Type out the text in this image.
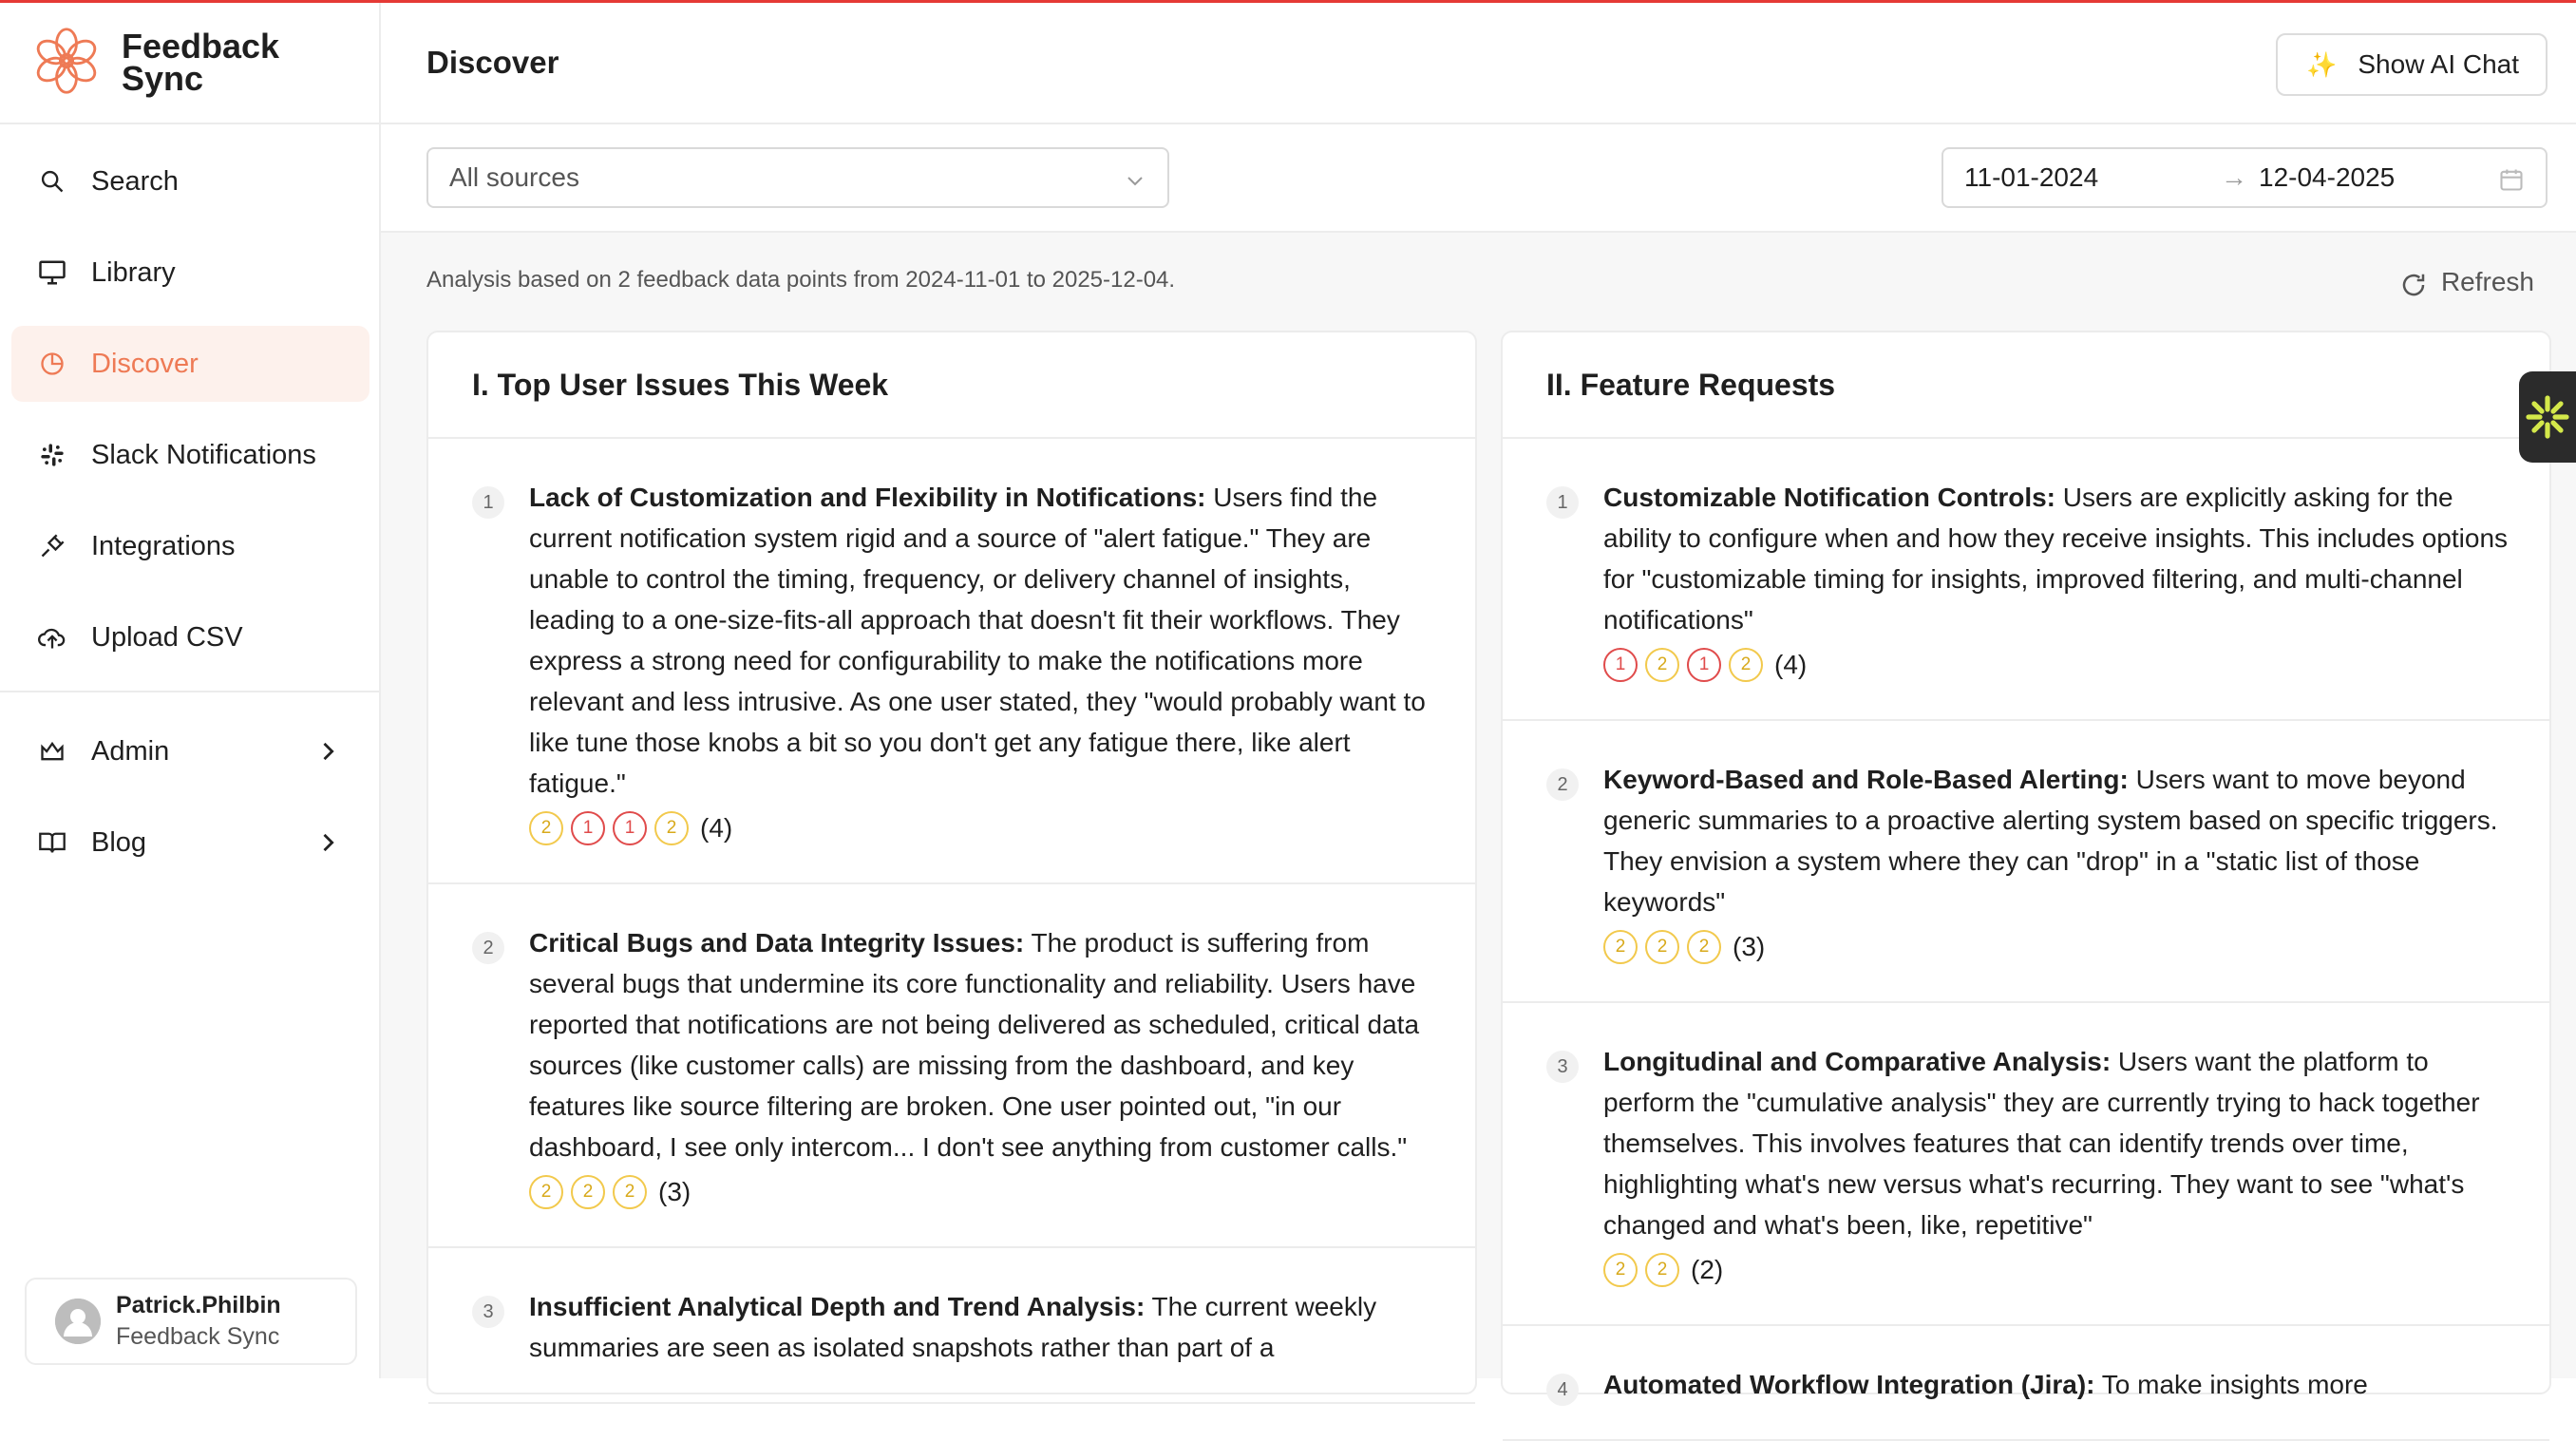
Feedback
Sync
Search
Library
Discover
Slack Notifications
Integrations
Upload CSV
Admin
Blog
Patrick.Philbin
Feedback Sync
Discover	✨ Show AI Chat
All sources	11-01-2024	→ 12-04-2025
Analysis based on 2 feedback data points from 2024-11-01 to 2025-12-04.	Refresh
I. Top User Issues This Week
1	Lack of Customization and Flexibility in Notifications: Users find the current notification system rigid and a source of "alert fatigue." They are unable to control the timing, frequency, or delivery channel of insights, leading to a one-size-fits-all approach that doesn't fit their workflows. They express a strong need for configurability to make the notifications more relevant and less intrusive. As one user stated, they "would probably want to like tune those knobs a bit so you don't get any fatigue there, like alert fatigue."
2	1	1	2 (4)
2	Critical Bugs and Data Integrity Issues: The product is suffering from several bugs that undermine its core functionality and reliability. Users have reported that notifications are not being delivered as scheduled, critical data sources (like customer calls) are missing from the dashboard, and key features like source filtering are broken. One user pointed out, "in our dashboard, I see only intercom... I don't see anything from customer calls."
2	2	2 (3)
3	Insufficient Analytical Depth and Trend Analysis: The current weekly summaries are seen as isolated snapshots rather than part of a
II. Feature Requests
1	Customizable Notification Controls: Users are explicitly asking for the ability to configure when and how they receive insights. This includes options for "customizable timing for insights, improved filtering, and multi-channel notifications"
1	2	1	2 (4)
2	Keyword-Based and Role-Based Alerting: Users want to move beyond generic summaries to a proactive alerting system based on specific triggers. They envision a system where they can "drop" in a "static list of those keywords"
2	2	2 (3)
3	Longitudinal and Comparative Analysis: Users want the platform to perform the "cumulative analysis" they are currently trying to hack together themselves. This involves features that can identify trends over time, highlighting what's new versus what's recurring. They want to see "what's changed and what's been, like, repetitive"
2	2 (2)
4	Automated Workflow Integration (Jira): To make insights more
